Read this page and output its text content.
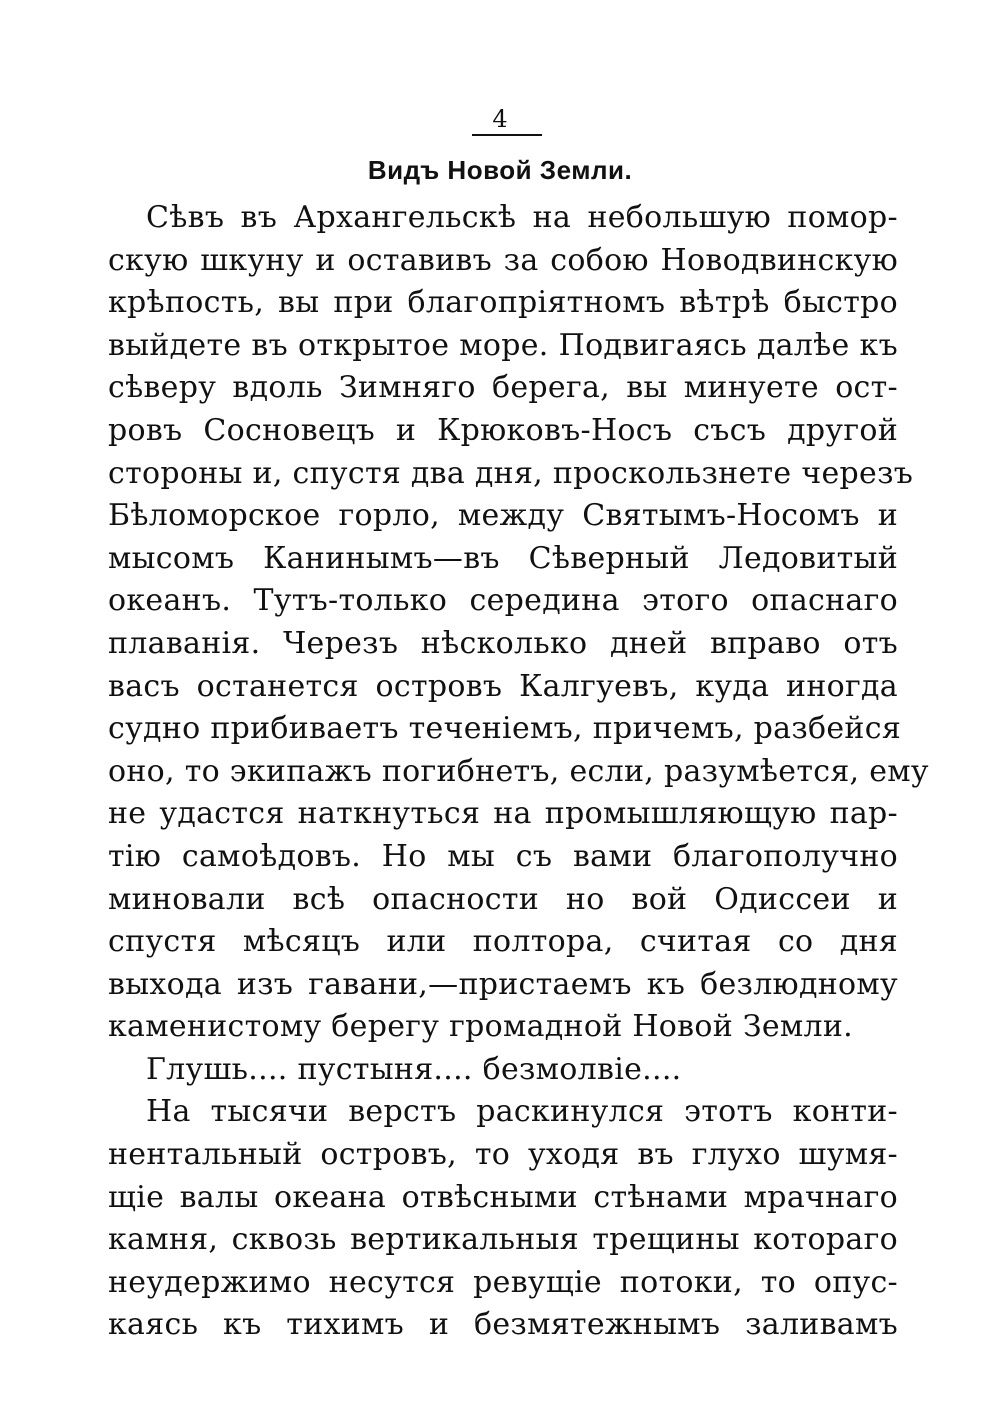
4
Видъ Новой Земли.
Сѣвъ въ Архангельскѣ на небольшую помор-
скую шкуну и оставивъ за собою Новодвинскую
крѣпость, вы при благопріятномъ вѣтрѣ быстро
выйдете въ открытое море. Подвигаясь далѣе къ
сѣверу вдоль Зимняго берега, вы минуете ост-
ровъ Сосновецъ и Крюковъ-Носъ съсъ другой
стороны и, спустя два дня, проскользнете черезъ
Бѣломорское горло, между Святымъ-Носомъ и
мысомъ Канинымъ—въ Сѣверный Ледовитый
океанъ. Тутъ-только середина этого опаснаго
плаванія. Черезъ нѣсколько дней вправо отъ
васъ останется островъ Калгуевъ, куда иногда
судно прибиваетъ теченіемъ, причемъ, разбейся
оно, то экипажъ погибнетъ, если, разумѣется, ему
не удастся наткнуться на промышляющую пар-
тію самоѣдовъ. Но мы съ вами благополучно
миновали всѣ опасности но вой Одиссеи и
спустя мѣсяцъ или полтора, считая со дня
выхода изъ гавани,—пристаемъ къ безлюдному
каменистому берегу громадной Новой Земли.
Глушь.... пустыня.... безмолвіе....
На тысячи верстъ раскинулся этотъ конти-
нентальный островъ, то уходя въ глухо шумя-
щіе валы океана отвѣсными стѣнами мрачнаго
камня, сквозь вертикальныя трещины котораго
неудержимо несутся ревущіе потоки, то опус-
каясь къ тихимъ и безмятежнымъ заливамъ
